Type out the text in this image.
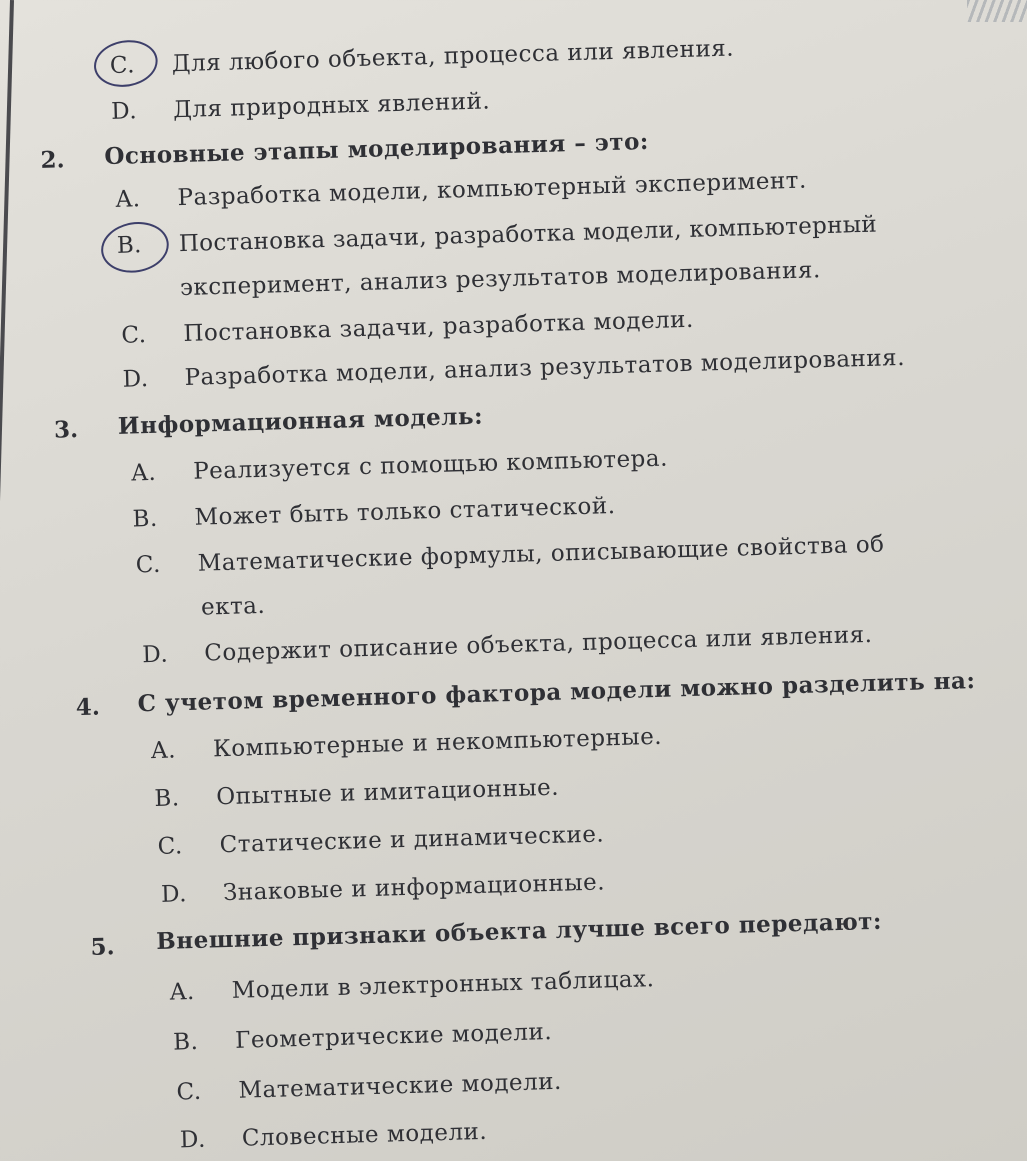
C. Для любого объекта, процесса или явления.
D. Для природных явлений.
2. Основные этапы моделирования – это:
A. Разработка модели, компьютерный эксперимент.
B. Постановка задачи, разработка модели, компьютерный
эксперимент, анализ результатов моделирования.
C. Постановка задачи, разработка модели.
D. Разработка модели, анализ результатов моделирования.
3. Информационная модель:
A. Реализуется с помощью компьютера.
B. Может быть только статической.
C. Математические формулы, описывающие свойства об
екта.
D. Содержит описание объекта, процесса или явления.
4. С учетом временного фактора модели можно разделить на:
A. Компьютерные и некомпьютерные.
B. Опытные и имитационные.
C. Статические и динамические.
D. Знаковые и информационные.
5. Внешние признаки объекта лучше всего передают:
A. Модели в электронных таблицах.
B. Геометрические модели.
C. Математические модели.
D. Словесные модели.
